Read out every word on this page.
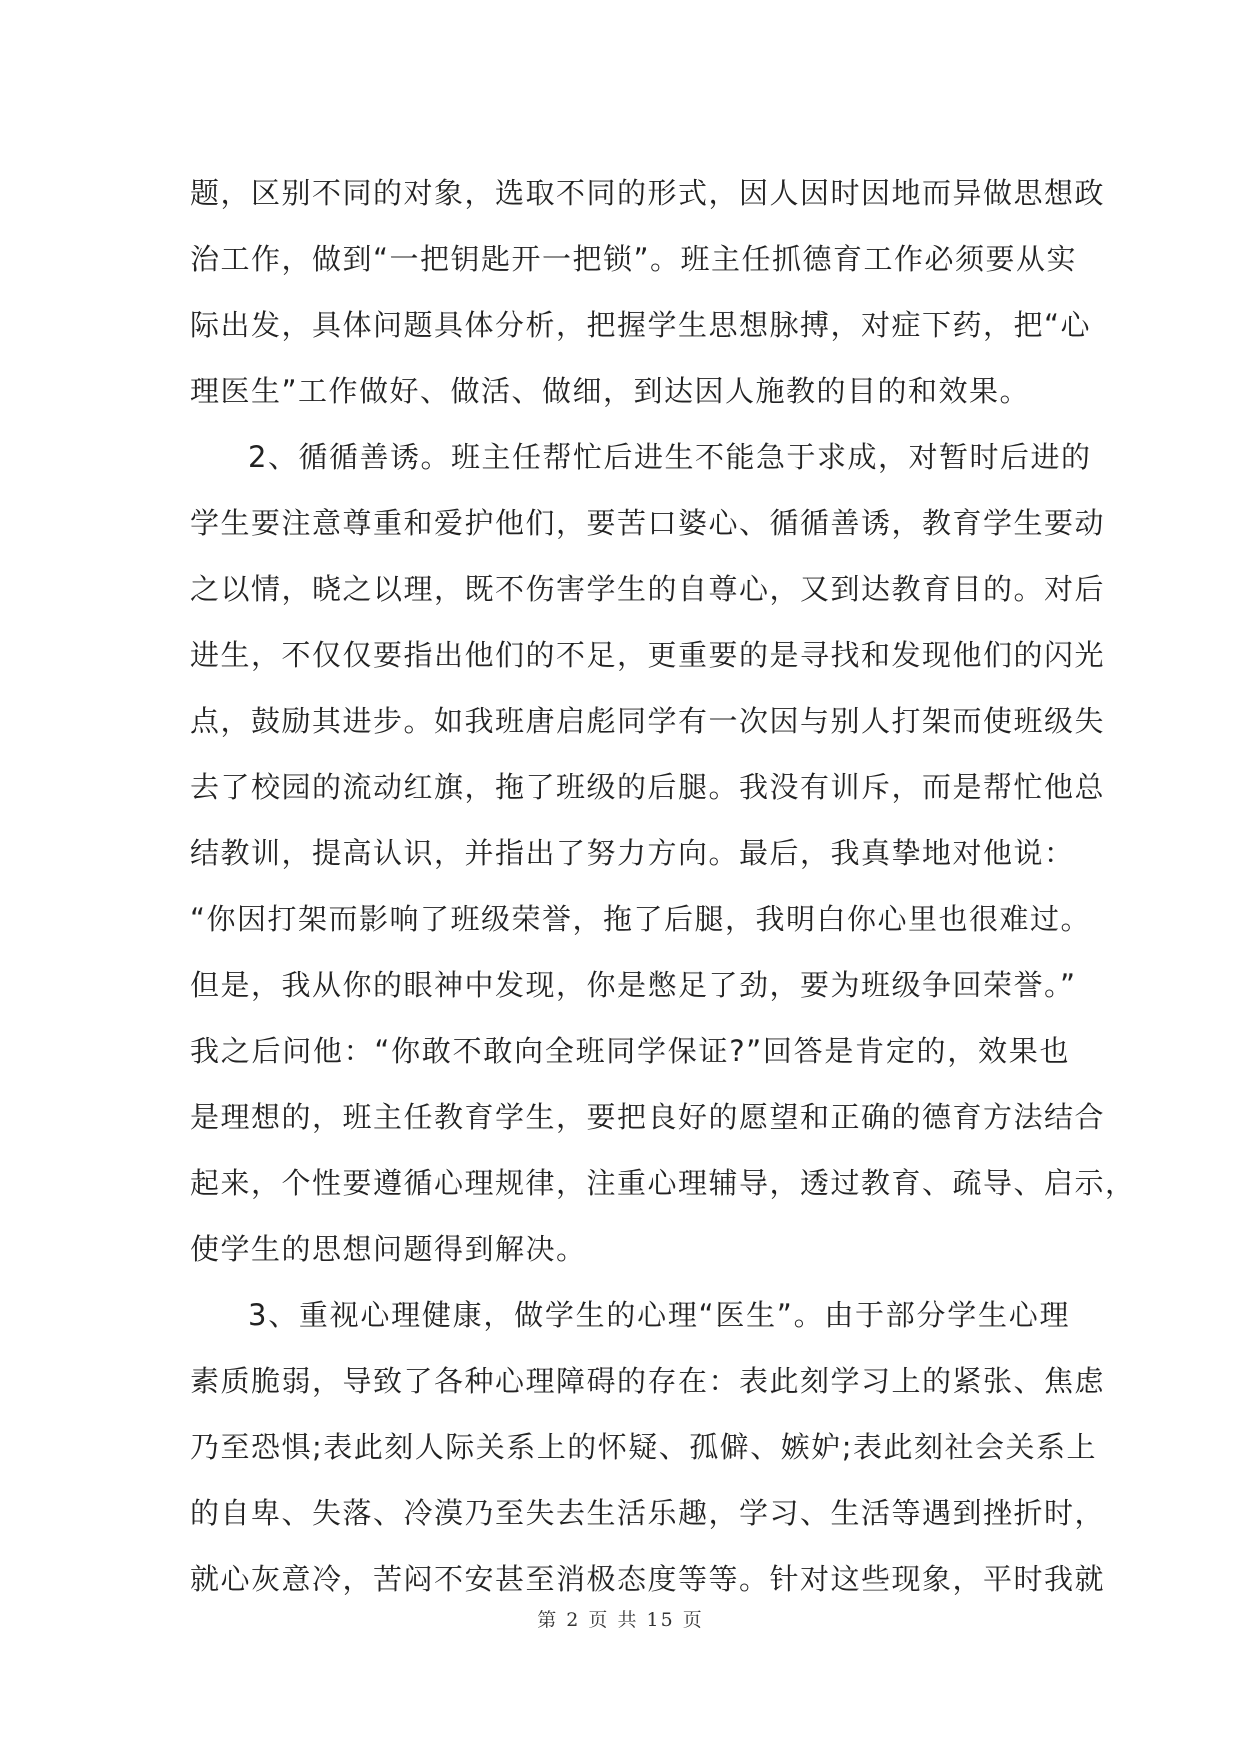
题，区别不同的对象，选取不同的形式，因人因时因地而异做思想政
治工作，做到“一把钥匙开一把锁”。班主任抓德育工作必须要从实
际出发，具体问题具体分析，把握学生思想脉搏，对症下药，把“心
理医生”工作做好、做活、做细，到达因人施教的目的和效果。
2、循循善诱。班主任帮忙后进生不能急于求成，对暂时后进的
学生要注意尊重和爱护他们，要苦口婆心、循循善诱，教育学生要动
之以情，晓之以理，既不伤害学生的自尊心，又到达教育目的。对后
进生，不仅仅要指出他们的不足，更重要的是寻找和发现他们的闪光
点，鼓励其进步。如我班唐启彪同学有一次因与别人打架而使班级失
去了校园的流动红旗，拖了班级的后腿。我没有训斥，而是帮忙他总
结教训，提高认识，并指出了努力方向。最后，我真挚地对他说：
“你因打架而影响了班级荣誉，拖了后腿，我明白你心里也很难过。
但是，我从你的眼神中发现，你是憋足了劲，要为班级争回荣誉。”
我之后问他：“你敢不敢向全班同学保证?”回答是肯定的，效果也
是理想的，班主任教育学生，要把良好的愿望和正确的德育方法结合
起来，个性要遵循心理规律，注重心理辅导，透过教育、疏导、启示，
使学生的思想问题得到解决。
3、重视心理健康，做学生的心理“医生”。由于部分学生心理
素质脆弱，导致了各种心理障碍的存在：表此刻学习上的紧张、焦虑
乃至恐惧;表此刻人际关系上的怀疑、孤僻、嫉妒;表此刻社会关系上
的自卑、失落、冷漠乃至失去生活乐趣，学习、生活等遇到挫折时，
就心灰意冷，苦闷不安甚至消极态度等等。针对这些现象，平时我就
第 2 页 共 15 页
